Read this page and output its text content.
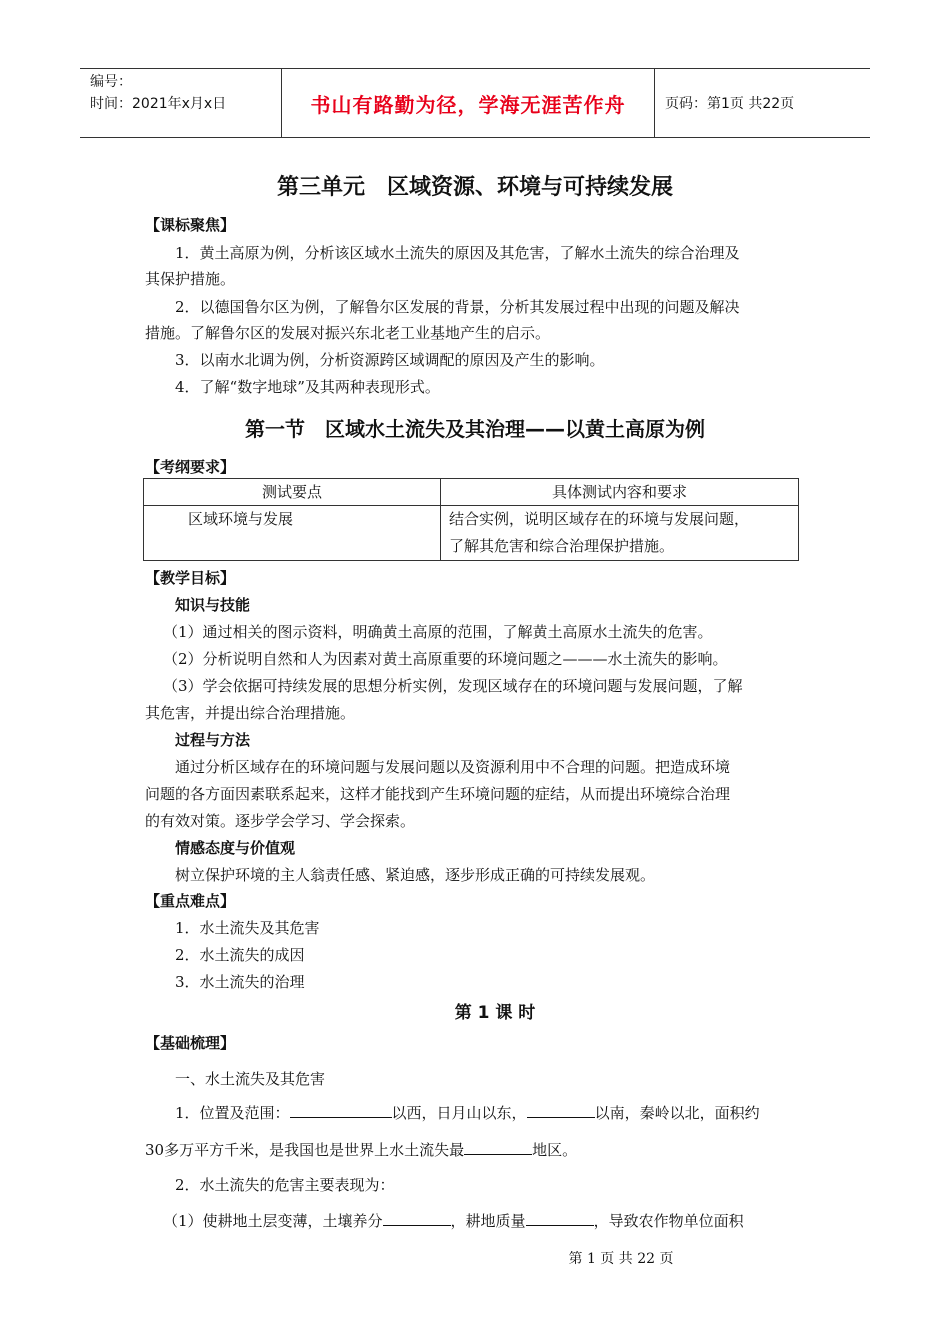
编号：
时间：2021年x月x日	书山有路勤为径，学海无涯苦作舟	页码：第1页 共22页
第三单元　区域资源、环境与可持续发展
【课标聚焦】
1．黄土高原为例，分析该区域水土流失的原因及其危害，了解水土流失的综合治理及
其保护措施。
2．以德国鲁尔区为例，了解鲁尔区发展的背景，分析其发展过程中出现的问题及解决
措施。了解鲁尔区的发展对振兴东北老工业基地产生的启示。
3．以南水北调为例，分析资源跨区域调配的原因及产生的影响。
4．了解“数字地球”及其两种表现形式。
第一节　区域水土流失及其治理——以黄土高原为例
【考纲要求】
测试要点	具体测试内容和要求
区域环境与发展	结合实例，说明区域存在的环境与发展问题，
了解其危害和综合治理保护措施。
【教学目标】
知识与技能
（1）通过相关的图示资料，明确黄土高原的范围，了解黄土高原水土流失的危害。
（2）分析说明自然和人为因素对黄土高原重要的环境问题之———水土流失的影响。
（3）学会依据可持续发展的思想分析实例，发现区域存在的环境问题与发展问题，了解
其危害，并提出综合治理措施。
过程与方法
通过分析区域存在的环境问题与发展问题以及资源利用中不合理的问题。把造成环境
问题的各方面因素联系起来，这样才能找到产生环境问题的症结，从而提出环境综合治理
的有效对策。逐步学会学习、学会探索。
情感态度与价值观
树立保护环境的主人翁责任感、紧迫感，逐步形成正确的可持续发展观。
【重点难点】
1．水土流失及其危害
2．水土流失的成因
3．水土流失的治理
第 1 课 时
【基础梳理】
一、水土流失及其危害
1．位置及范围：	以西，日月山以东，	以南，秦岭以北，面积约
30多万平方千米，是我国也是世界上水土流失最	地区。
2．水土流失的危害主要表现为：
（1）使耕地土层变薄，土壤养分	，耕地质量	，导致农作物单位面积
第 1 页 共 22 页
